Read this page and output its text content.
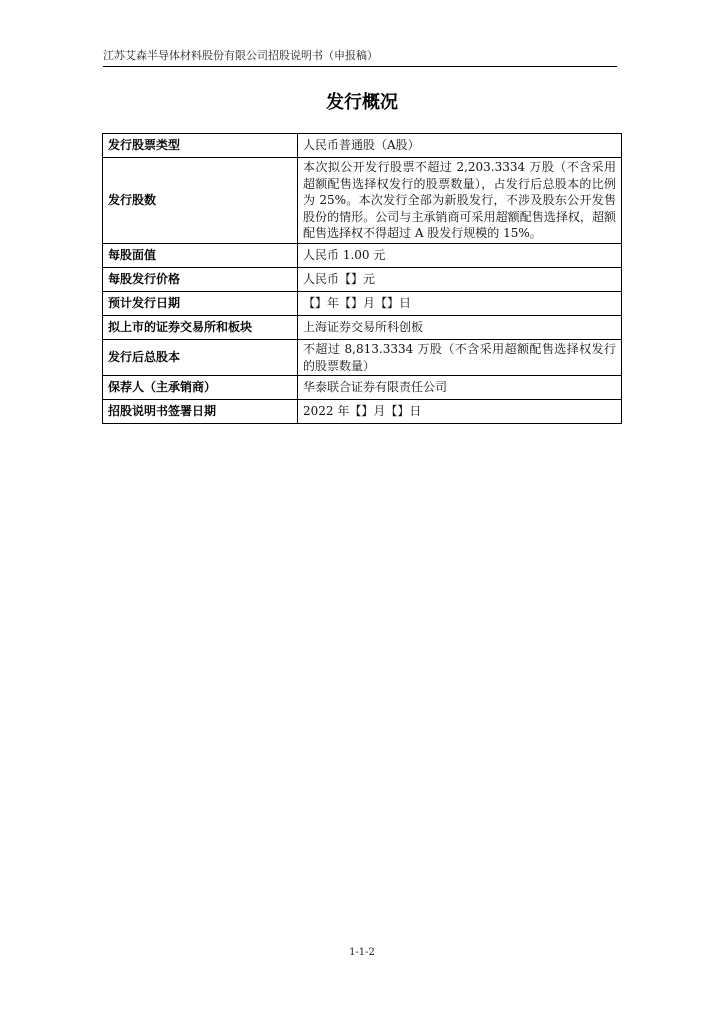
江苏艾森半导体材料股份有限公司招股说明书（申报稿）
发行概况
发行股票类型	人民币普通股（A股）
发行股数	本次拟公开发行股票不超过 2,203.3334 万股（不含采用超额配售选择权发行的股票数量），占发行后总股本的比例为 25%。本次发行全部为新股发行，不涉及股东公开发售股份的情形。公司与主承销商可采用超额配售选择权，超额配售选择权不得超过 A 股发行规模的 15%。
每股面值	人民币 1.00 元
每股发行价格	人民币【】元
预计发行日期	【】年【】月【】日
拟上市的证券交易所和板块	上海证券交易所科创板
发行后总股本	不超过 8,813.3334 万股（不含采用超额配售选择权发行的股票数量）
保荐人（主承销商）	华泰联合证券有限责任公司
招股说明书签署日期	2022 年【】月【】日
1-1-2
